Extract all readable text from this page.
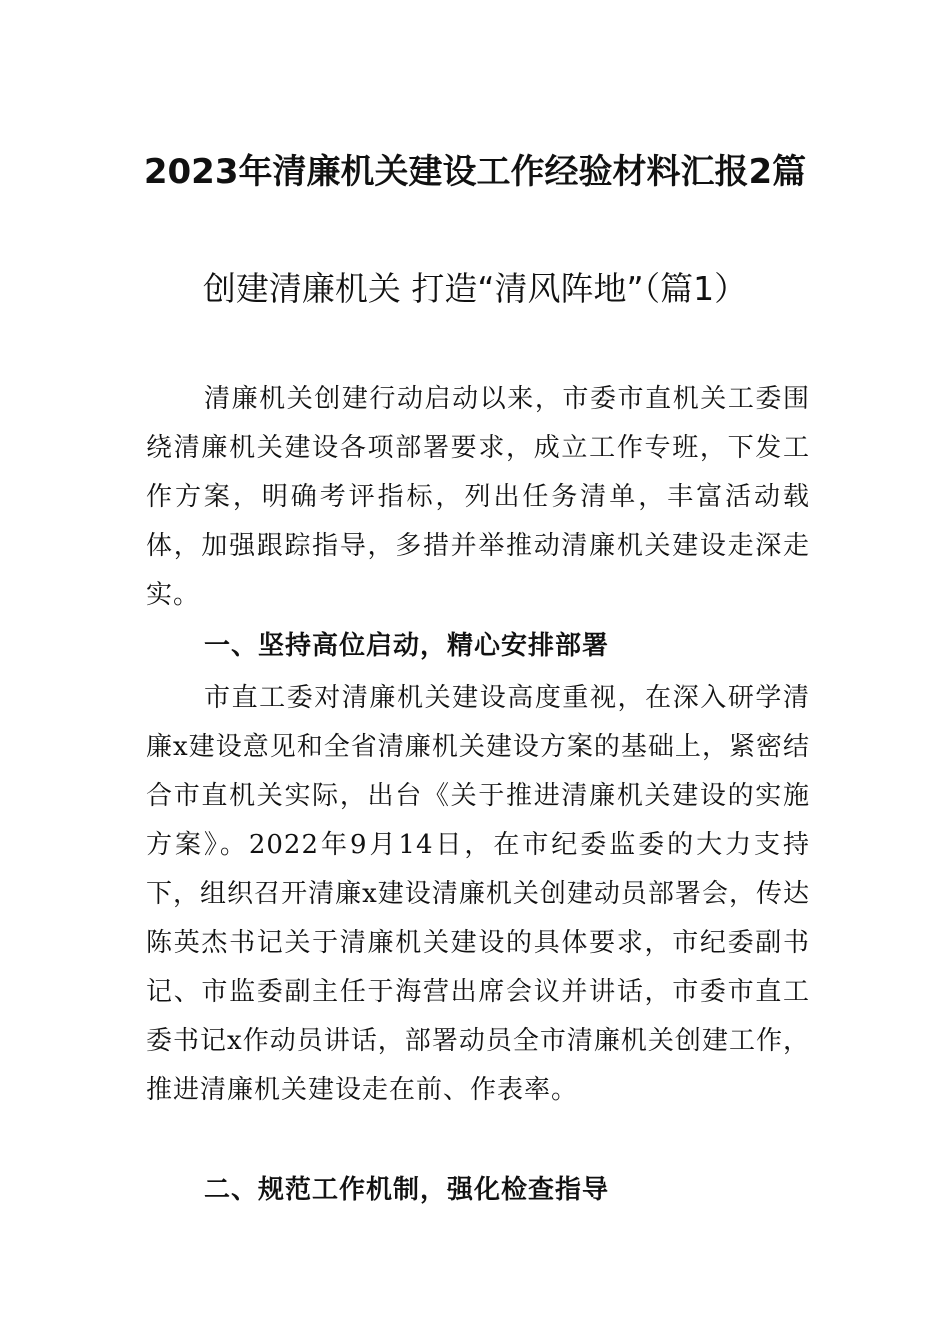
2023年清廉机关建设工作经验材料汇报2篇
创建清廉机关 打造“清风阵地”（篇1）

清廉机关创建行动启动以来，市委市直机关工委围绕清廉机关建设各项部署要求，成立工作专班，下发工作方案，明确考评指标，列出任务清单，丰富活动载体，加强跟踪指导，多措并举推动清廉机关建设走深走实。

一、坚持高位启动，精心安排部署

市直工委对清廉机关建设高度重视，在深入研学清廉x建设意见和全省清廉机关建设方案的基础上，紧密结合市直机关实际，出台《关于推进清廉机关建设的实施方案》。2022年9月14日，在市纪委监委的大力支持下，组织召开清廉x建设清廉机关创建动员部署会，传达陈英杰书记关于清廉机关建设的具体要求，市纪委副书记、市监委副主任于海营出席会议并讲话，市委市直工委书记x作动员讲话，部署动员全市清廉机关创建工作，推进清廉机关建设走在前、作表率。

二、规范工作机制，强化检查指导
